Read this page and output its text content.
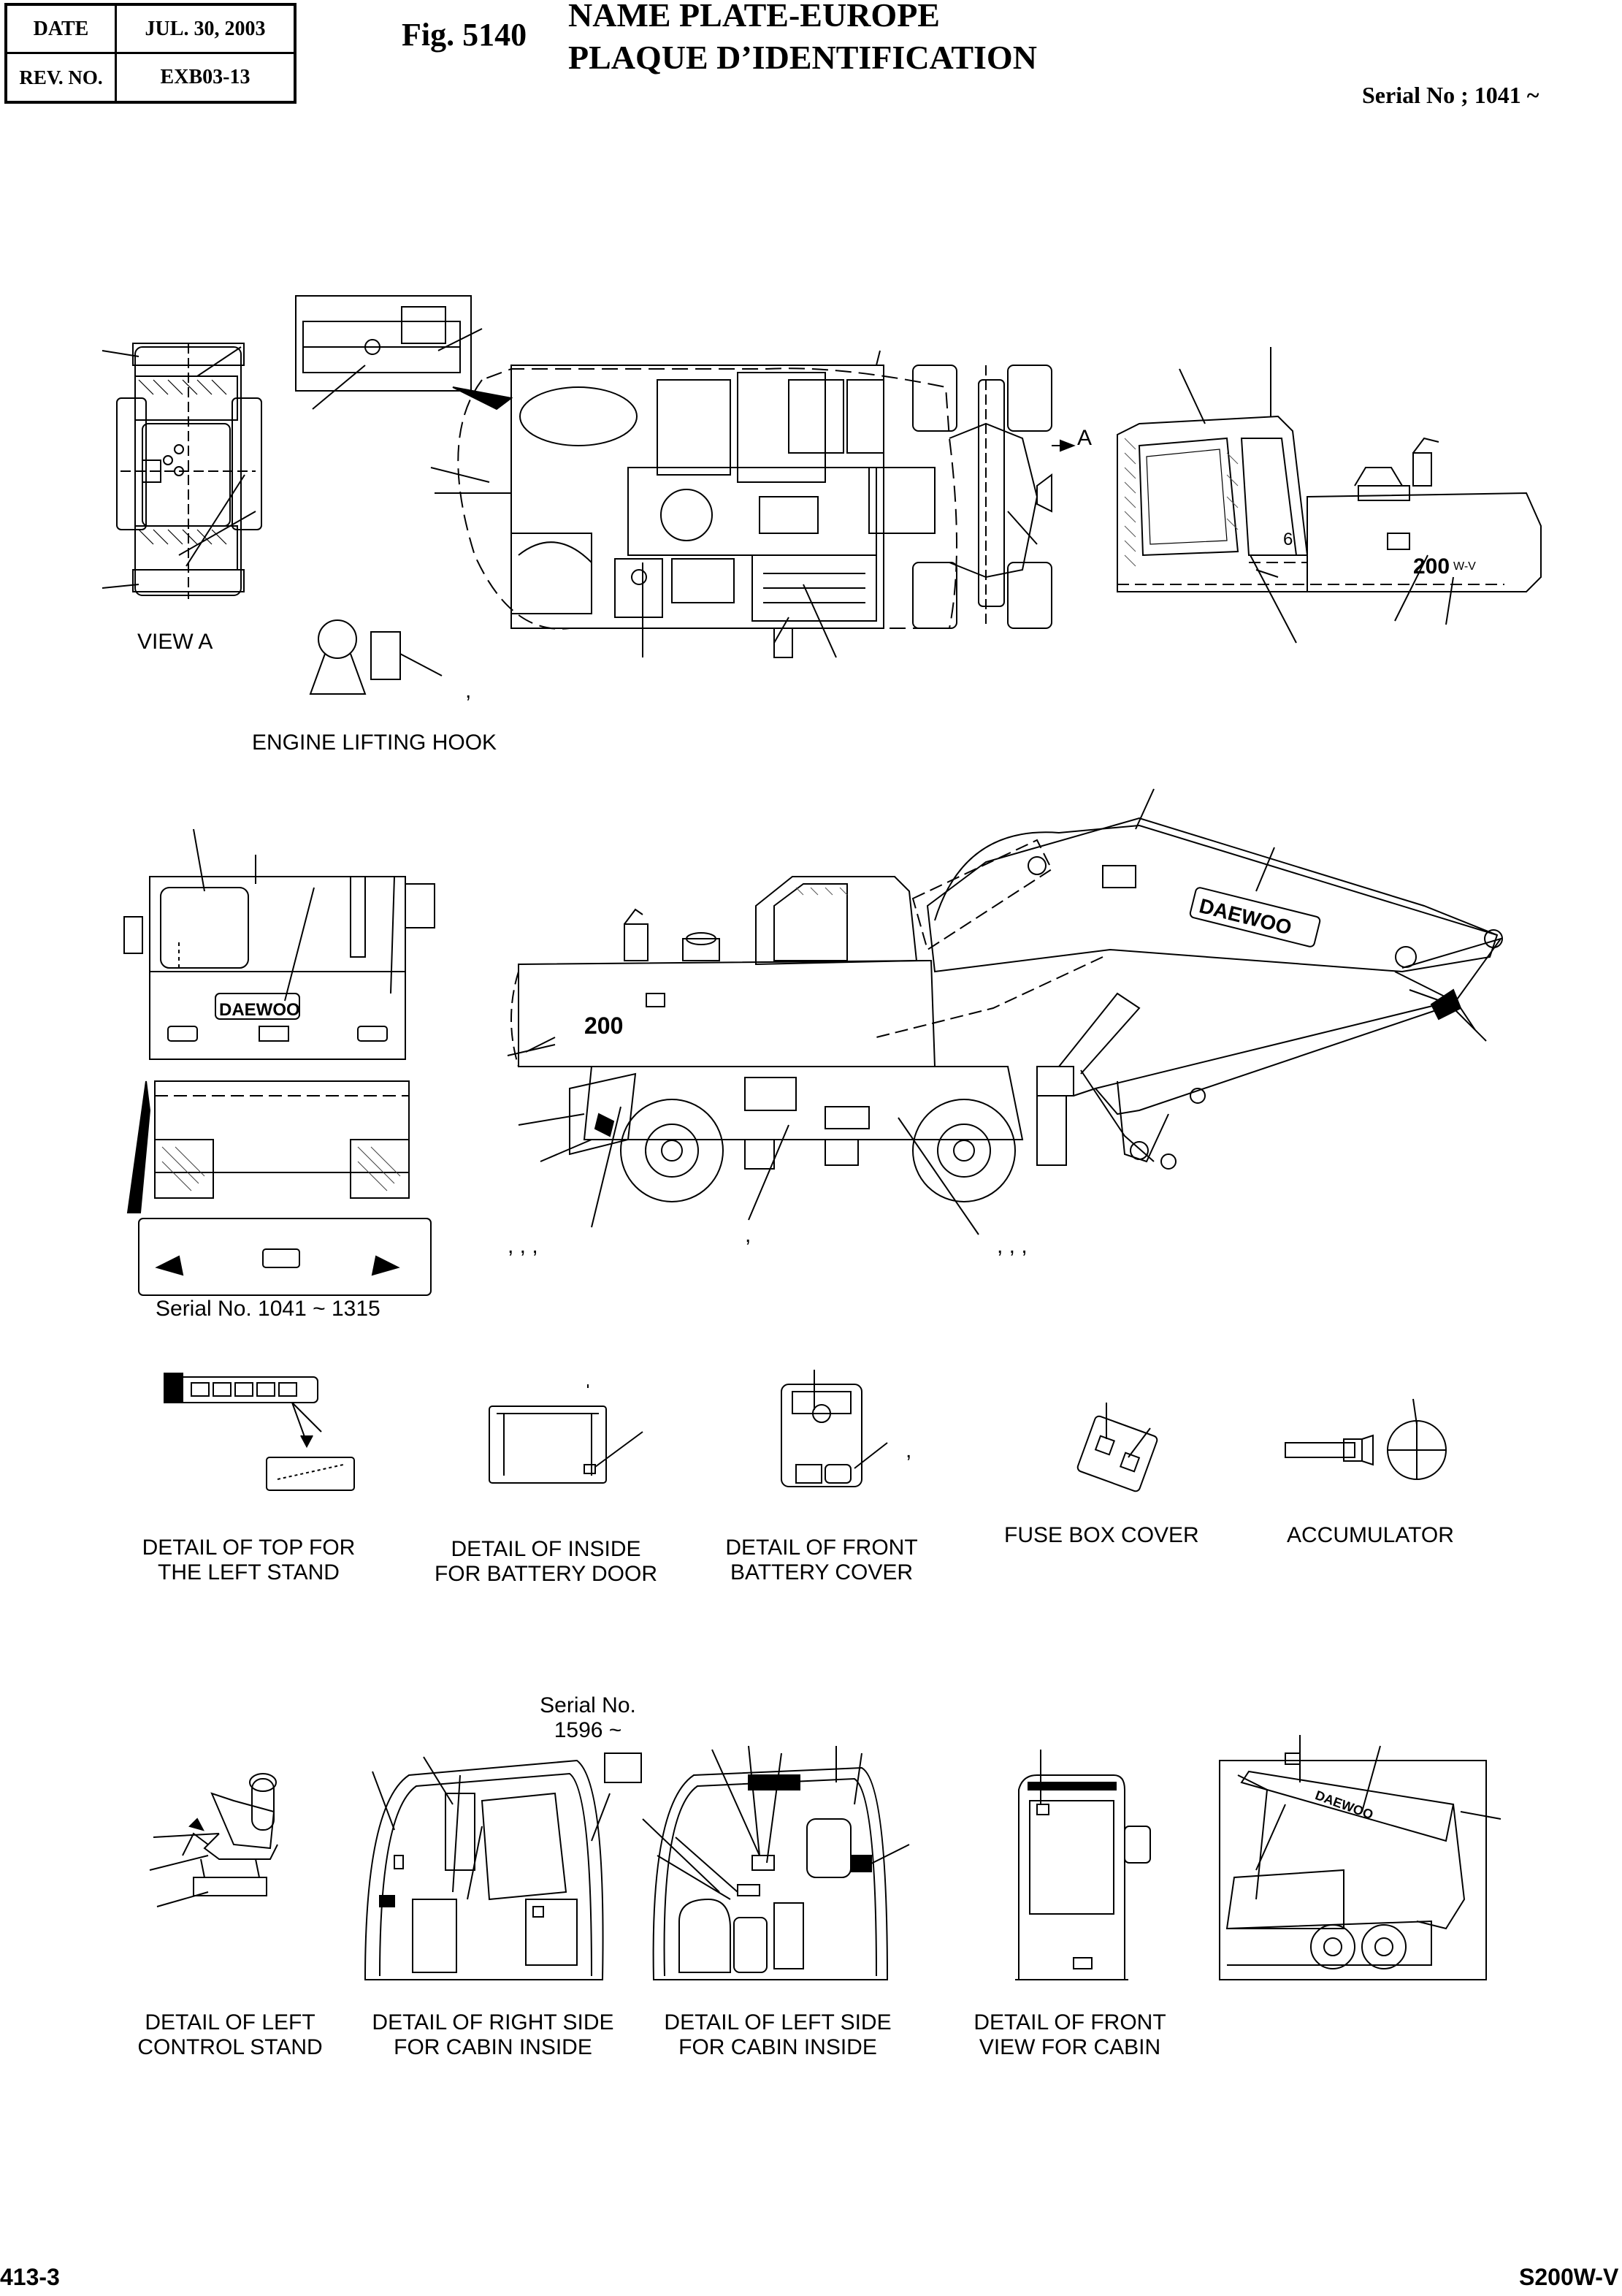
DATE	JUL. 30, 2003
REV. NO.	EXB03-13
Fig. 5140
NAME PLATE-EUROPE
PLAQUE D’IDENTIFICATION
Serial No ; 1041 ~
,
200 W-V
DAEWOO
200
DAEWOO
, , ,	,	, , ,
,
DAEWOO
A
VIEW A
ENGINE LIFTING HOOK
Serial No. 1041 ~ 1315
DETAIL OF TOP FOR
THE LEFT STAND
DETAIL OF INSIDE
FOR BATTERY DOOR
DETAIL OF FRONT
BATTERY COVER
FUSE BOX COVER	ACCUMULATOR
Serial No.
1596 ~
DETAIL OF LEFT
CONTROL STAND
DETAIL OF RIGHT SIDE
FOR CABIN INSIDE
DETAIL OF LEFT SIDE
FOR CABIN INSIDE
DETAIL OF FRONT
VIEW FOR CABIN
6
413-3	S200W-V
